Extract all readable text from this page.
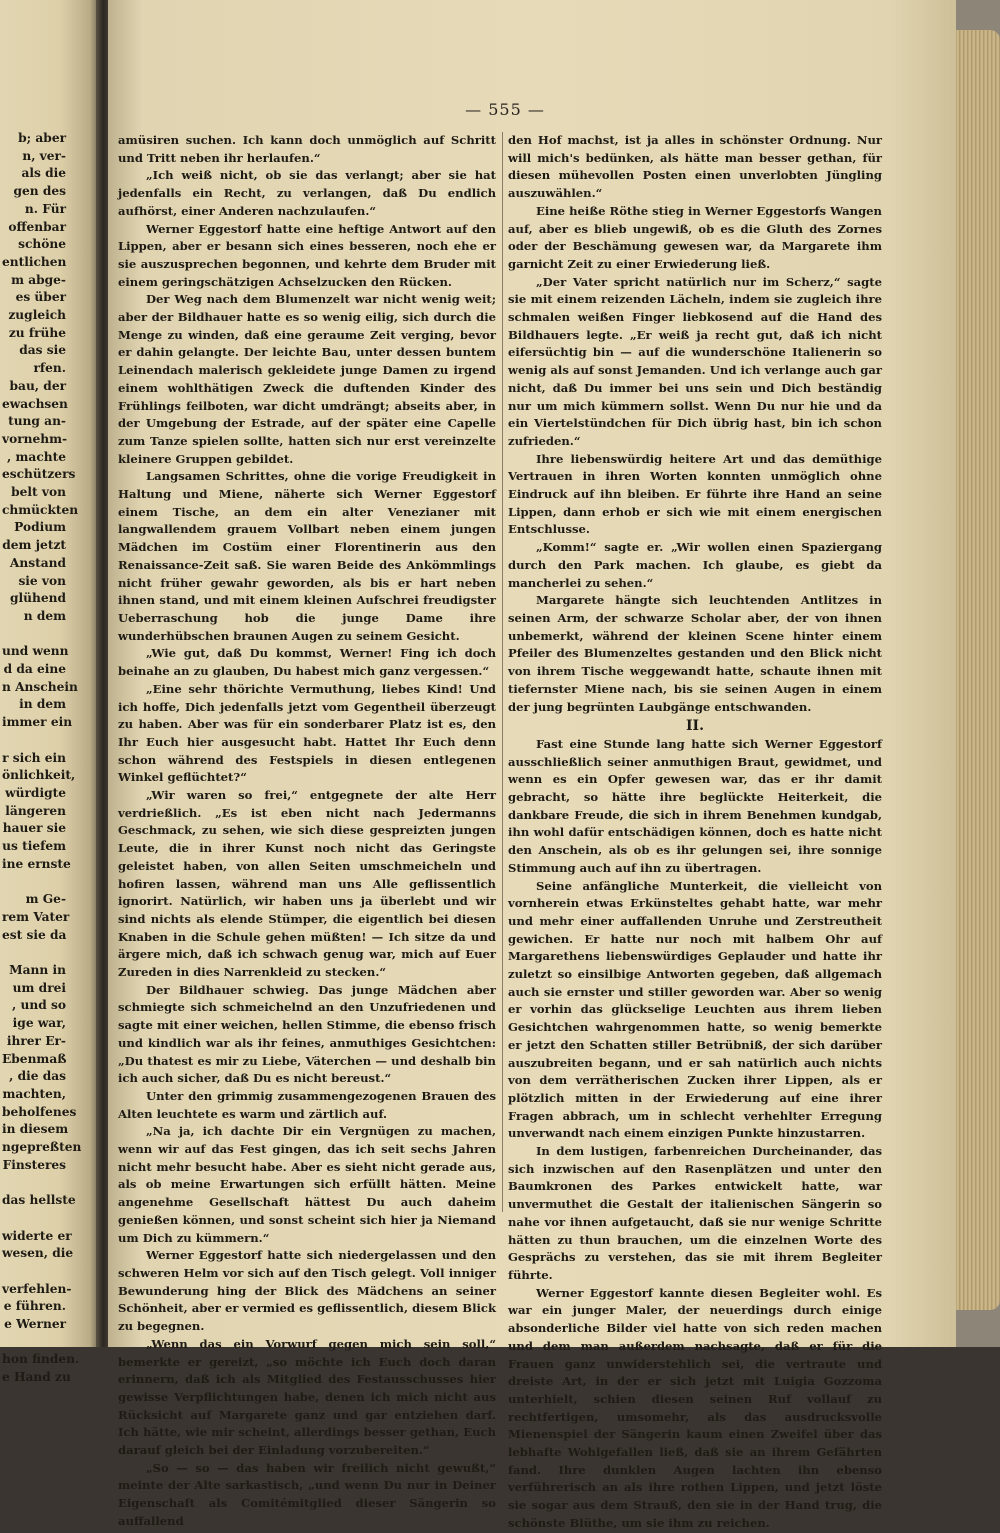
b; aber
n, ver-
als die
gen des
n. Für
offenbar
schöne
entlichen
m abge-
es über
zugleich
zu frühe
das sie
rfen.
bau, der
ewachsen
tung an-
vornehm-
, machte
eschützers
belt von
chmückten
Podium
dem jetzt
Anstand
sie von
glühend
n dem
und wenn
d da eine
n Anschein
in dem
immer ein
r sich ein
önlichkeit,
würdigte
längeren
hauer sie
us tiefem
ine ernste
m Ge-
rem Vater
est sie da
Mann in
um drei
, und so
ige war,
ihrer Er-
Ebenmaß
, die das
machten,
beholfenes
in diesem
ngepreßten
Finsteres
das hellste
widerte er
wesen, die
verfehlen-
e führen.
e Werner
hon finden.
e Hand zu
— 555 —

amüsiren suchen. Ich kann doch unmöglich auf Schritt und Tritt neben ihr herlaufen.“

„Ich weiß nicht, ob sie das verlangt; aber sie hat jedenfalls ein Recht, zu verlangen, daß Du endlich aufhörst, einer Anderen nachzulaufen.“

Werner Eggestorf hatte eine heftige Antwort auf den Lippen, aber er besann sich eines besseren, noch ehe er sie auszusprechen begonnen, und kehrte dem Bruder mit einem geringschätzigen Achselzucken den Rücken.

Der Weg nach dem Blumenzelt war nicht wenig weit; aber der Bildhauer hatte es so wenig eilig, sich durch die Menge zu winden, daß eine geraume Zeit verging, bevor er dahin gelangte. Der leichte Bau, unter dessen buntem Leinendach malerisch gekleidete junge Damen zu irgend einem wohlthätigen Zweck die duftenden Kinder des Frühlings feilboten, war dicht umdrängt; abseits aber, in der Umgebung der Estrade, auf der später eine Capelle zum Tanze spielen sollte, hatten sich nur erst vereinzelte kleinere Gruppen gebildet.

Langsamen Schrittes, ohne die vorige Freudigkeit in Haltung und Miene, näherte sich Werner Eggestorf einem Tische, an dem ein alter Venezianer mit langwallendem grauem Vollbart neben einem jungen Mädchen im Costüm einer Florentinerin aus den Renaissance-Zeit saß. Sie waren Beide des Ankömmlings nicht früher gewahr geworden, als bis er hart neben ihnen stand, und mit einem kleinen Aufschrei freudigster Ueberraschung hob die junge Dame ihre wunderhübschen braunen Augen zu seinem Gesicht.

„Wie gut, daß Du kommst, Werner! Fing ich doch beinahe an zu glauben, Du habest mich ganz vergessen.“

„Eine sehr thörichte Vermuthung, liebes Kind! Und ich hoffe, Dich jedenfalls jetzt vom Gegentheil überzeugt zu haben. Aber was für ein sonderbarer Platz ist es, den Ihr Euch hier ausgesucht habt. Hattet Ihr Euch denn schon während des Festspiels in diesen entlegenen Winkel geflüchtet?“

„Wir waren so frei,“ entgegnete der alte Herr verdrießlich. „Es ist eben nicht nach Jedermanns Geschmack, zu sehen, wie sich diese gespreizten jungen Leute, die in ihrer Kunst noch nicht das Geringste geleistet haben, von allen Seiten umschmeicheln und hofiren lassen, während man uns Alle geflissentlich ignorirt. Natürlich, wir haben uns ja überlebt und wir sind nichts als elende Stümper, die eigentlich bei diesen Knaben in die Schule gehen müßten! — Ich sitze da und ärgere mich, daß ich schwach genug war, mich auf Euer Zureden in dies Narrenkleid zu stecken.“

Der Bildhauer schwieg. Das junge Mädchen aber schmiegte sich schmeichelnd an den Unzufriedenen und sagte mit einer weichen, hellen Stimme, die ebenso frisch und kindlich war als ihr feines, anmuthiges Gesichtchen: „Du thatest es mir zu Liebe, Väterchen — und deshalb bin ich auch sicher, daß Du es nicht bereust.“

Unter den grimmig zusammengezogenen Brauen des Alten leuchtete es warm und zärtlich auf.

„Na ja, ich dachte Dir ein Vergnügen zu machen, wenn wir auf das Fest gingen, das ich seit sechs Jahren nicht mehr besucht habe. Aber es sieht nicht gerade aus, als ob meine Erwartungen sich erfüllt hätten. Meine angenehme Gesellschaft hättest Du auch daheim genießen können, und sonst scheint sich hier ja Niemand um Dich zu kümmern.“

Werner Eggestorf hatte sich niedergelassen und den schweren Helm vor sich auf den Tisch gelegt. Voll inniger Bewunderung hing der Blick des Mädchens an seiner Schönheit, aber er vermied es geflissentlich, diesem Blick zu begegnen.

„Wenn das ein Vorwurf gegen mich sein soll,“ bemerkte er gereizt, „so möchte ich Euch doch daran erinnern, daß ich als Mitglied des Festausschusses hier gewisse Verpflichtungen habe, denen ich mich nicht aus Rücksicht auf Margarete ganz und gar entziehen darf. Ich hätte, wie mir scheint, allerdings besser gethan, Euch darauf gleich bei der Einladung vorzubereiten.“

„So — so — das haben wir freilich nicht gewußt,“ meinte der Alte sarkastisch, „und wenn Du nur in Deiner Eigenschaft als Comitémitglied dieser Sängerin so auffallend

den Hof machst, ist ja alles in schönster Ordnung. Nur will mich's bedünken, als hätte man besser gethan, für diesen mühevollen Posten einen unverlobten Jüngling auszuwählen.“

Eine heiße Röthe stieg in Werner Eggestorfs Wangen auf, aber es blieb ungewiß, ob es die Gluth des Zornes oder der Beschämung gewesen war, da Margarete ihm garnicht Zeit zu einer Erwiederung ließ.

„Der Vater spricht natürlich nur im Scherz,“ sagte sie mit einem reizenden Lächeln, indem sie zugleich ihre schmalen weißen Finger liebkosend auf die Hand des Bildhauers legte. „Er weiß ja recht gut, daß ich nicht eifersüchtig bin — auf die wunderschöne Italienerin so wenig als auf sonst Jemanden. Und ich verlange auch gar nicht, daß Du immer bei uns sein und Dich beständig nur um mich kümmern sollst. Wenn Du nur hie und da ein Viertelstündchen für Dich übrig hast, bin ich schon zufrieden.“

Ihre liebenswürdig heitere Art und das demüthige Vertrauen in ihren Worten konnten unmöglich ohne Eindruck auf ihn bleiben. Er führte ihre Hand an seine Lippen, dann erhob er sich wie mit einem energischen Entschlusse.

„Komm!“ sagte er. „Wir wollen einen Spaziergang durch den Park machen. Ich glaube, es giebt da mancherlei zu sehen.“

Margarete hängte sich leuchtenden Antlitzes in seinen Arm, der schwarze Scholar aber, der von ihnen unbemerkt, während der kleinen Scene hinter einem Pfeiler des Blumenzeltes gestanden und den Blick nicht von ihrem Tische weggewandt hatte, schaute ihnen mit tiefernster Miene nach, bis sie seinen Augen in einem der jung begrünten Laubgänge entschwanden.

II.

Fast eine Stunde lang hatte sich Werner Eggestorf ausschließlich seiner anmuthigen Braut, gewidmet, und wenn es ein Opfer gewesen war, das er ihr damit gebracht, so hätte ihre beglückte Heiterkeit, die dankbare Freude, die sich in ihrem Benehmen kundgab, ihn wohl dafür entschädigen können, doch es hatte nicht den Anschein, als ob es ihr gelungen sei, ihre sonnige Stimmung auch auf ihn zu übertragen.

Seine anfängliche Munterkeit, die vielleicht von vornherein etwas Erkünsteltes gehabt hatte, war mehr und mehr einer auffallenden Unruhe und Zerstreutheit gewichen. Er hatte nur noch mit halbem Ohr auf Margarethens liebenswürdiges Geplauder und hatte ihr zuletzt so einsilbige Antworten gegeben, daß allgemach auch sie ernster und stiller geworden war. Aber so wenig er vorhin das glückselige Leuchten aus ihrem lieben Gesichtchen wahrgenommen hatte, so wenig bemerkte er jetzt den Schatten stiller Betrübniß, der sich darüber auszubreiten begann, und er sah natürlich auch nichts von dem verrätherischen Zucken ihrer Lippen, als er plötzlich mitten in der Erwiederung auf eine ihrer Fragen abbrach, um in schlecht verhehlter Erregung unverwandt nach einem einzigen Punkte hinzustarren.

In dem lustigen, farbenreichen Durcheinander, das sich inzwischen auf den Rasenplätzen und unter den Baumkronen des Parkes entwickelt hatte, war unvermuthet die Gestalt der italienischen Sängerin so nahe vor ihnen aufgetaucht, daß sie nur wenige Schritte hätten zu thun brauchen, um die einzelnen Worte des Gesprächs zu verstehen, das sie mit ihrem Begleiter führte.

Werner Eggestorf kannte diesen Begleiter wohl. Es war ein junger Maler, der neuerdings durch einige absonderliche Bilder viel hatte von sich reden machen und dem man außerdem nachsagte, daß er für die Frauen ganz unwiderstehlich sei, die vertraute und dreiste Art, in der er sich jetzt mit Luigia Gozzoma unterhielt, schien diesen seinen Ruf vollauf zu rechtfertigen, umsomehr, als das ausdrucksvolle Mienenspiel der Sängerin kaum einen Zweifel über das lebhafte Wohlgefallen ließ, daß sie an ihrem Gefährten fand. Ihre dunklen Augen lachten ihn ebenso verführerisch an als ihre rothen Lippen, und jetzt löste sie sogar aus dem Strauß, den sie in der Hand trug, die schönste Blüthe, um sie ihm zu reichen.
